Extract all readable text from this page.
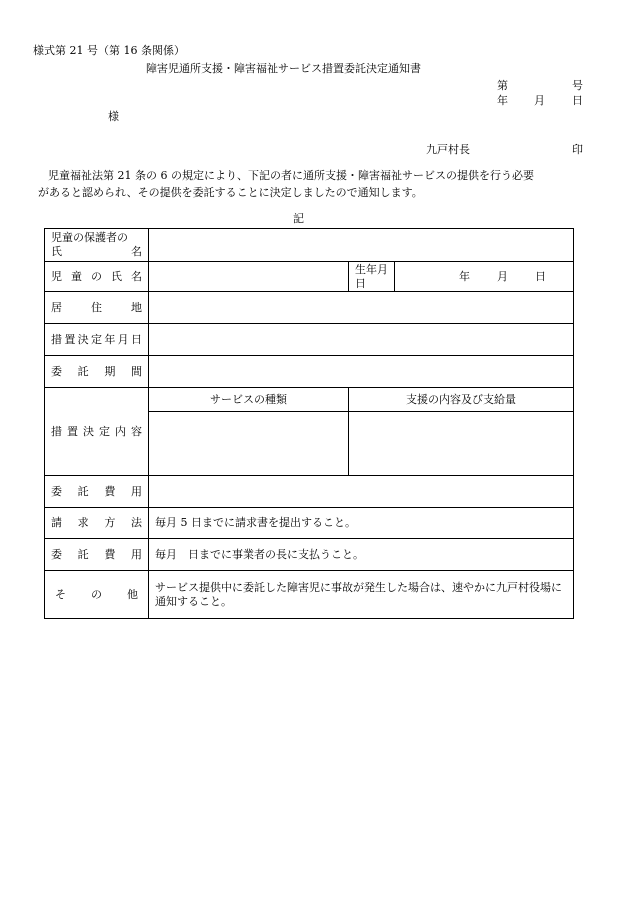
様式第 21 号（第 16 条関係）
障害児通所支援・障害福祉サービス措置委託決定通知書
第	号
年 月 日
様
九戸村長	印
児童福祉法第 21 条の 6 の規定により、下記の者に通所支援・障害福祉サービスの提供を行う必要
があると認められ、その提供を委託することに決定しましたので通知します。
記
児童の保護者の
氏名			

児童の氏名		生年月日	年 月 日

居住地			

措置決定年月日			

委託期間			

措置決定内容	サービスの種類	支援の内容及び支給量	

委託費用			

請求方法	毎月 5 日までに請求書を提出すること。		

委託費用	毎月　日までに事業者の長に支払うこと。		

その他	サービス提供中に委託した障害児に事故が発生した場合は、速やかに九戸村役場に通知すること。		
